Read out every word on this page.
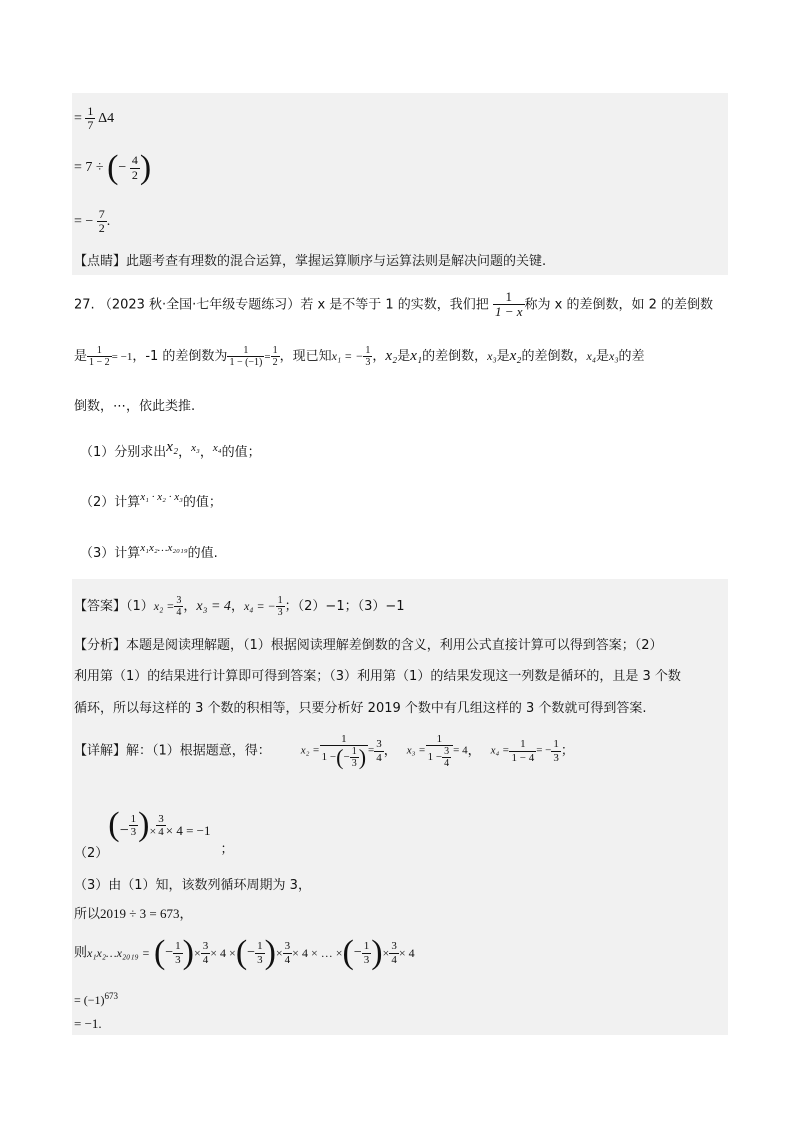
= $\frac{1}{7} \Delta 4$
= 7 ÷ (− $\frac{4}{2}$ )
= − $\frac{7}{2}$ .
【点睛】此题考查有理数的混合运算，掌握运算顺序与运算法则是解决问题的关键.
27. （2023 秋·全国·七年级专题练习）若 x 是不等于 1 的实数，我们把 $\frac{1}{1 - x}$ 称为 x 的差倒数，如 2 的差倒数
是 $\frac{1}{1 - 2} = -1$，-1 的差倒数为 $\frac{1}{1 - (-1)} = \frac{1}{2}$ ，现已知x₁ = − $\frac{1}{3}$ ，x₂是x₁的差倒数，x₃是x₂的差倒数，x₄是x₃的差
倒数，⋯，依此类推.
（1）分别求出x₂，$^{x_3}$，$^{x_4}$的值；
（2）计算$^{x_1 \cdot x_2 \cdot x_3}$的值；
（3）计算$^{x_1x_2\dots x_{2019}}$的值.
【答案】$(1)x_2 = \frac{3}{4}$ ，x₃ = 4，x₄ = − $\frac{1}{3}$ ；（2）−1；（3）−1
【分析】本题是阅读理解题，（1）根据阅读理解差倒数的含义，利用公式直接计算可以得到答案；（2）
利用第（1）的结果进行计算即可得到答案；（3）利用第（1）的结果发现这一列数是循环的，且是 3 个数
循环，所以每这样的 3 个数的积相等，只要分析好 2019 个数中有几组这样的 3 个数就可得到答案.
【详解】解：（1）根据题意，得：	$x_2 = \frac{1}{1 -(- \frac{1}{3} )} = \frac{3}{4}$ ， $x_3 = \frac{1}{1 - \frac{3}{4}} = 4$， $x_4 = \frac{1}{1 - 4}$ = − $\frac{1}{3}$ ；
$(2)(- \frac{1}{3}$ )× $\frac{3}{4} \times 4 = -1$；
（3）由（1）知，该数列循环周期为 3，
所以2019 ÷ 3 = 673，
则x₁x₂…x₂₀₁₉ = (− $\frac{1}{3}$ )× $\frac{3}{4} \times 4$ ×(− $\frac{1}{3}$ )× $\frac{3}{4} \times 4$ × … ×(− $\frac{1}{3}$ )× $\frac{3}{4} \times 4$
= $(-1)^{673}$
= −1.
